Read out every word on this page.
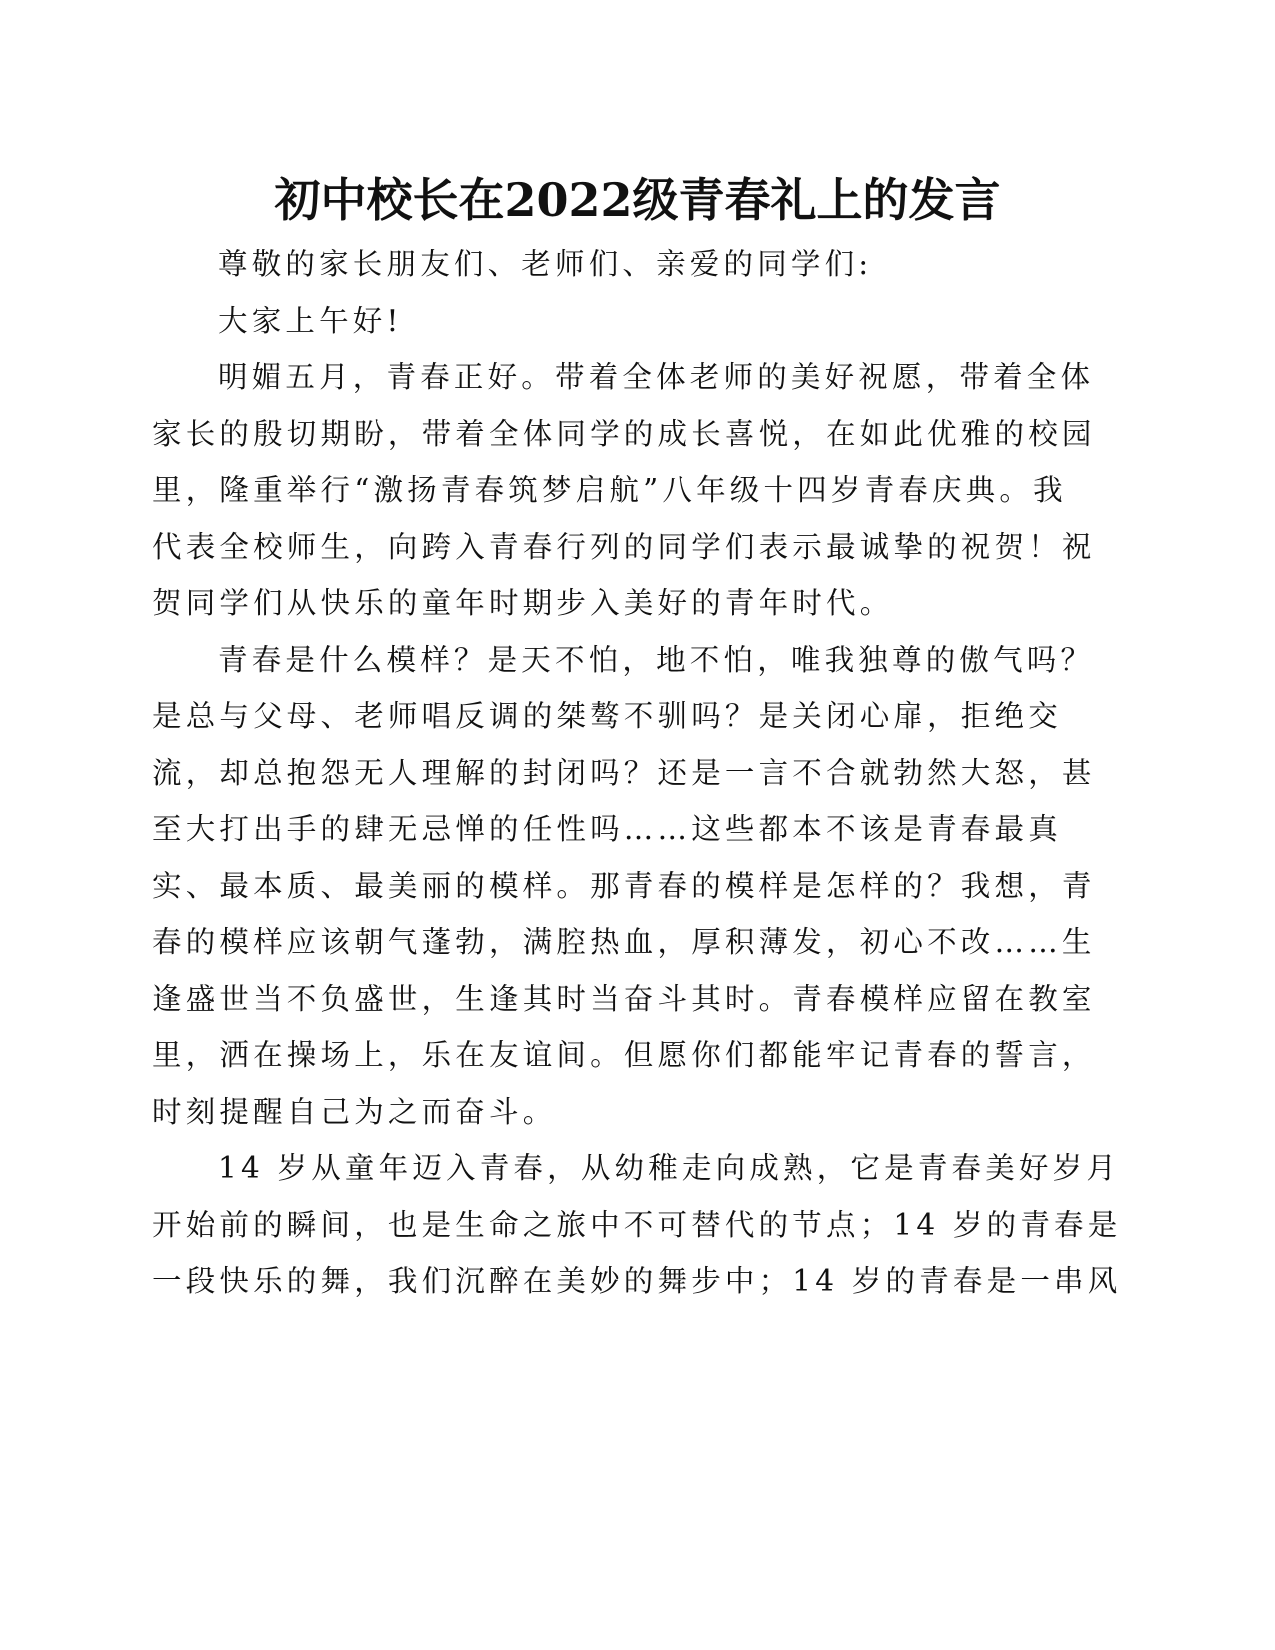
初中校长在2022级青春礼上的发言

尊敬的家长朋友们、老师们、亲爱的同学们:

大家上午好!

明媚五月，青春正好。带着全体老师的美好祝愿，带着全体

家长的殷切期盼，带着全体同学的成长喜悦，在如此优雅的校园

里，隆重举行“激扬青春筑梦启航”八年级十四岁青春庆典。我

代表全校师生，向跨入青春行列的同学们表示最诚挚的祝贺！祝

贺同学们从快乐的童年时期步入美好的青年时代。

青春是什么模样？是天不怕，地不怕，唯我独尊的傲气吗？

是总与父母、老师唱反调的桀骜不驯吗？是关闭心扉，拒绝交

流，却总抱怨无人理解的封闭吗？还是一言不合就勃然大怒，甚

至大打出手的肆无忌惮的任性吗……这些都本不该是青春最真

实、最本质、最美丽的模样。那青春的模样是怎样的？我想，青

春的模样应该朝气蓬勃，满腔热血，厚积薄发，初心不改……生

逢盛世当不负盛世，生逢其时当奋斗其时。青春模样应留在教室

里，洒在操场上，乐在友谊间。但愿你们都能牢记青春的誓言，

时刻提醒自己为之而奋斗。

14 岁从童年迈入青春，从幼稚走向成熟，它是青春美好岁月

开始前的瞬间，也是生命之旅中不可替代的节点；14 岁的青春是

一段快乐的舞，我们沉醉在美妙的舞步中；14 岁的青春是一串风
